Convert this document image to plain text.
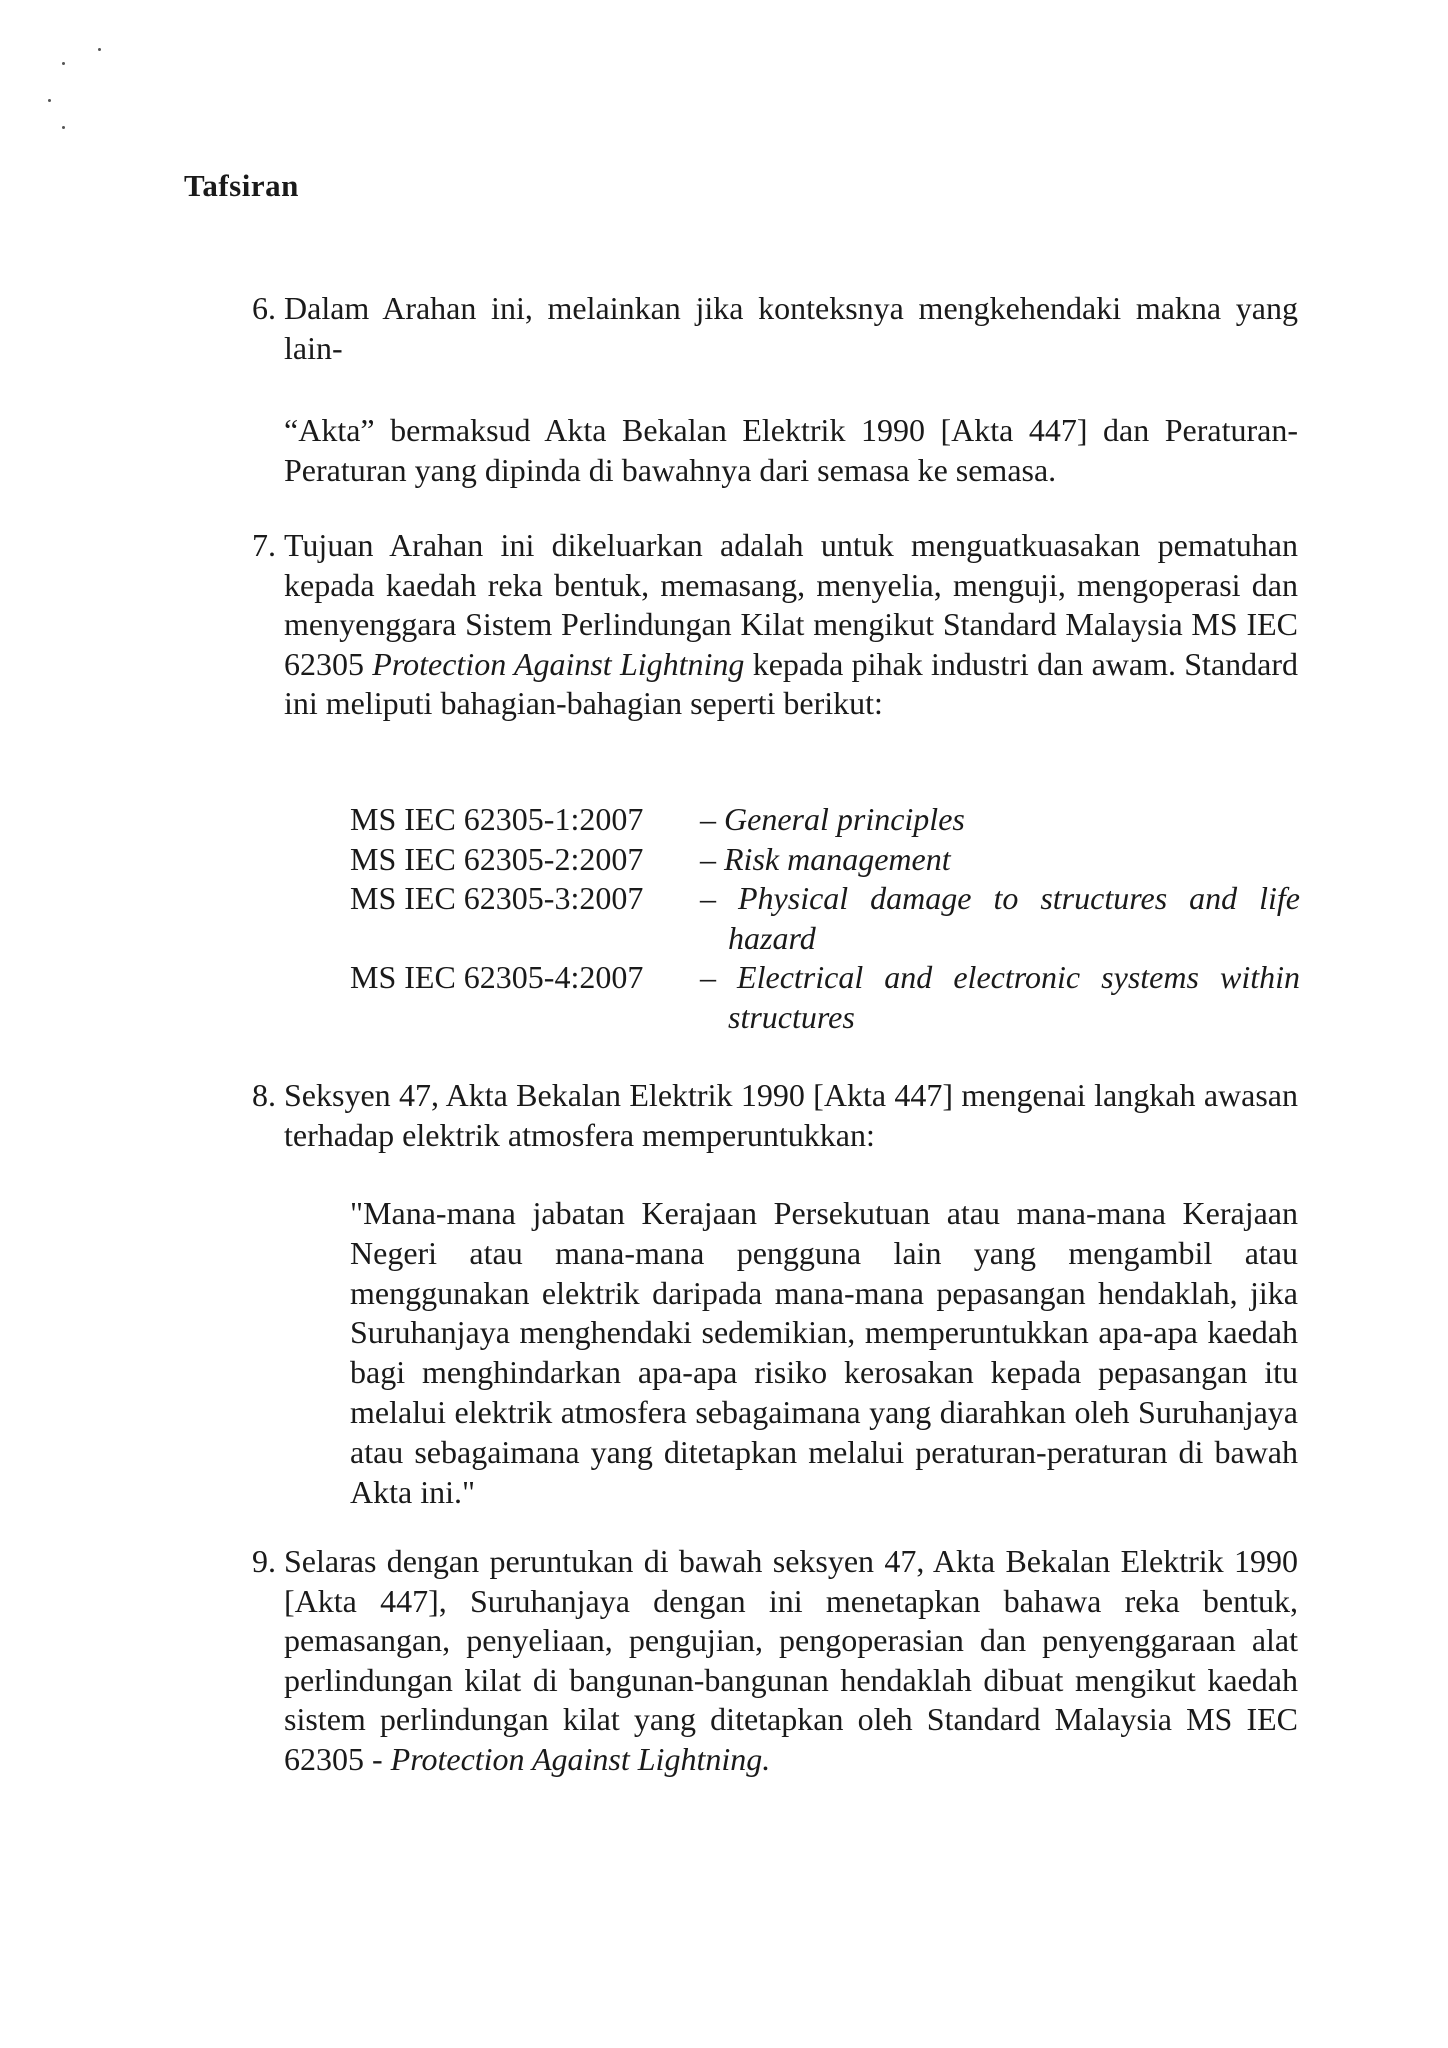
Tafsiran

6. Dalam Arahan ini, melainkan jika konteksnya mengkehendaki makna yang lain-

“Akta” bermaksud Akta Bekalan Elektrik 1990 [Akta 447] dan Peraturan-Peraturan yang dipinda di bawahnya dari semasa ke semasa.

7. Tujuan Arahan ini dikeluarkan adalah untuk menguatkuasakan pematuhan kepada kaedah reka bentuk, memasang, menyelia, menguji, mengoperasi dan menyenggara Sistem Perlindungan Kilat mengikut Standard Malaysia MS IEC 62305 Protection Against Lightning kepada pihak industri dan awam. Standard ini meliputi bahagian-bahagian seperti berikut:

MS IEC 62305-1:2007	– General principles
MS IEC 62305-2:2007	– Risk management
MS IEC 62305-3:2007	– Physical damage to structures and life hazard
MS IEC 62305-4:2007	– Electrical and electronic systems within structures

8. Seksyen 47, Akta Bekalan Elektrik 1990 [Akta 447] mengenai langkah awasan terhadap elektrik atmosfera memperuntukkan:

"Mana-mana jabatan Kerajaan Persekutuan atau mana-mana Kerajaan Negeri atau mana-mana pengguna lain yang mengambil atau menggunakan elektrik daripada mana-mana pepasangan hendaklah, jika Suruhanjaya menghendaki sedemikian, memperuntukkan apa-apa kaedah bagi menghindarkan apa-apa risiko kerosakan kepada pepasangan itu melalui elektrik atmosfera sebagaimana yang diarahkan oleh Suruhanjaya atau sebagaimana yang ditetapkan melalui peraturan-peraturan di bawah Akta ini."

9. Selaras dengan peruntukan di bawah seksyen 47, Akta Bekalan Elektrik 1990 [Akta 447], Suruhanjaya dengan ini menetapkan bahawa reka bentuk, pemasangan, penyeliaan, pengujian, pengoperasian dan penyenggaraan alat perlindungan kilat di bangunan-bangunan hendaklah dibuat mengikut kaedah sistem perlindungan kilat yang ditetapkan oleh Standard Malaysia MS IEC 62305 - Protection Against Lightning.
